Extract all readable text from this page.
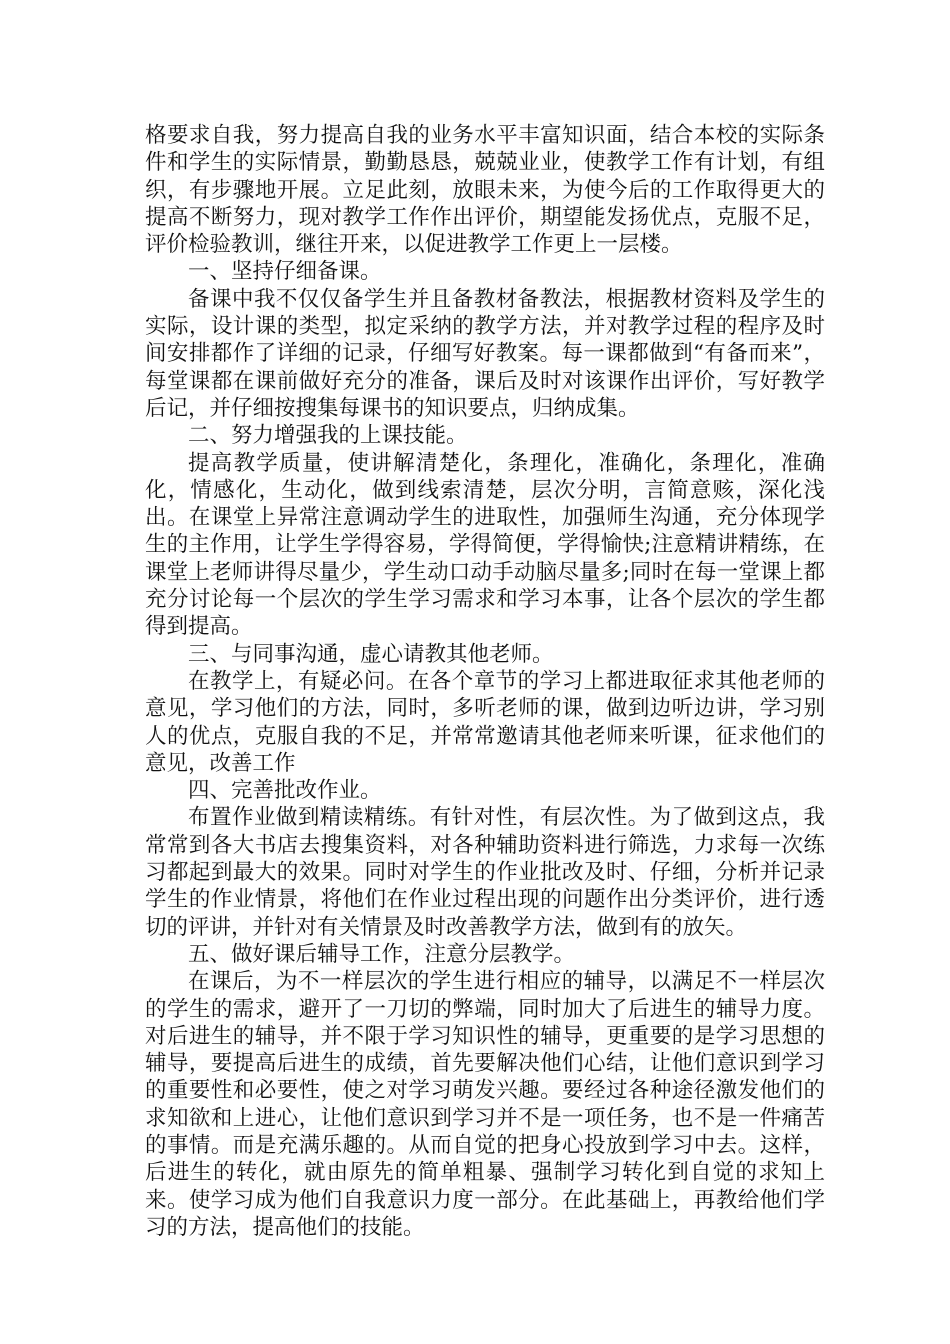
格要求自我，努力提高自我的业务水平丰富知识面，结合本校的实际条件和学生的实际情景，勤勤恳恳，兢兢业业，使教学工作有计划，有组织，有步骤地开展。立足此刻，放眼未来，为使今后的工作取得更大的提高不断努力，现对教学工作作出评价，期望能发扬优点，克服不足，评价检验教训，继往开来，以促进教学工作更上一层楼。

一、坚持仔细备课。

备课中我不仅仅备学生并且备教材备教法，根据教材资料及学生的实际，设计课的类型，拟定采纳的教学方法，并对教学过程的程序及时间安排都作了详细的记录，仔细写好教案。每一课都做到“有备而来”，每堂课都在课前做好充分的准备，课后及时对该课作出评价，写好教学后记，并仔细按搜集每课书的知识要点，归纳成集。

二、努力增强我的上课技能。

提高教学质量，使讲解清楚化，条理化，准确化，条理化，准确化，情感化，生动化，做到线索清楚，层次分明，言简意赅，深化浅出。在课堂上异常注意调动学生的进取性，加强师生沟通，充分体现学生的主作用，让学生学得容易，学得简便，学得愉快;注意精讲精练，在课堂上老师讲得尽量少，学生动口动手动脑尽量多;同时在每一堂课上都充分讨论每一个层次的学生学习需求和学习本事，让各个层次的学生都得到提高。

三、与同事沟通，虚心请教其他老师。

在教学上，有疑必问。在各个章节的学习上都进取征求其他老师的意见，学习他们的方法，同时，多听老师的课，做到边听边讲，学习别人的优点，克服自我的不足，并常常邀请其他老师来听课，征求他们的意见，改善工作

四、完善批改作业。

布置作业做到精读精练。有针对性，有层次性。为了做到这点，我常常到各大书店去搜集资料，对各种辅助资料进行筛选，力求每一次练习都起到最大的效果。同时对学生的作业批改及时、仔细，分析并记录学生的作业情景，将他们在作业过程出现的问题作出分类评价，进行透切的评讲，并针对有关情景及时改善教学方法，做到有的放矢。

五、做好课后辅导工作，注意分层教学。

在课后，为不一样层次的学生进行相应的辅导，以满足不一样层次的学生的需求，避开了一刀切的弊端，同时加大了后进生的辅导力度。对后进生的辅导，并不限于学习知识性的辅导，更重要的是学习思想的辅导，要提高后进生的成绩，首先要解决他们心结，让他们意识到学习的重要性和必要性，使之对学习萌发兴趣。要经过各种途径激发他们的求知欲和上进心，让他们意识到学习并不是一项任务，也不是一件痛苦的事情。而是充满乐趣的。从而自觉的把身心投放到学习中去。这样，后进生的转化，就由原先的简单粗暴、强制学习转化到自觉的求知上来。使学习成为他们自我意识力度一部分。在此基础上，再教给他们学习的方法，提高他们的技能。
